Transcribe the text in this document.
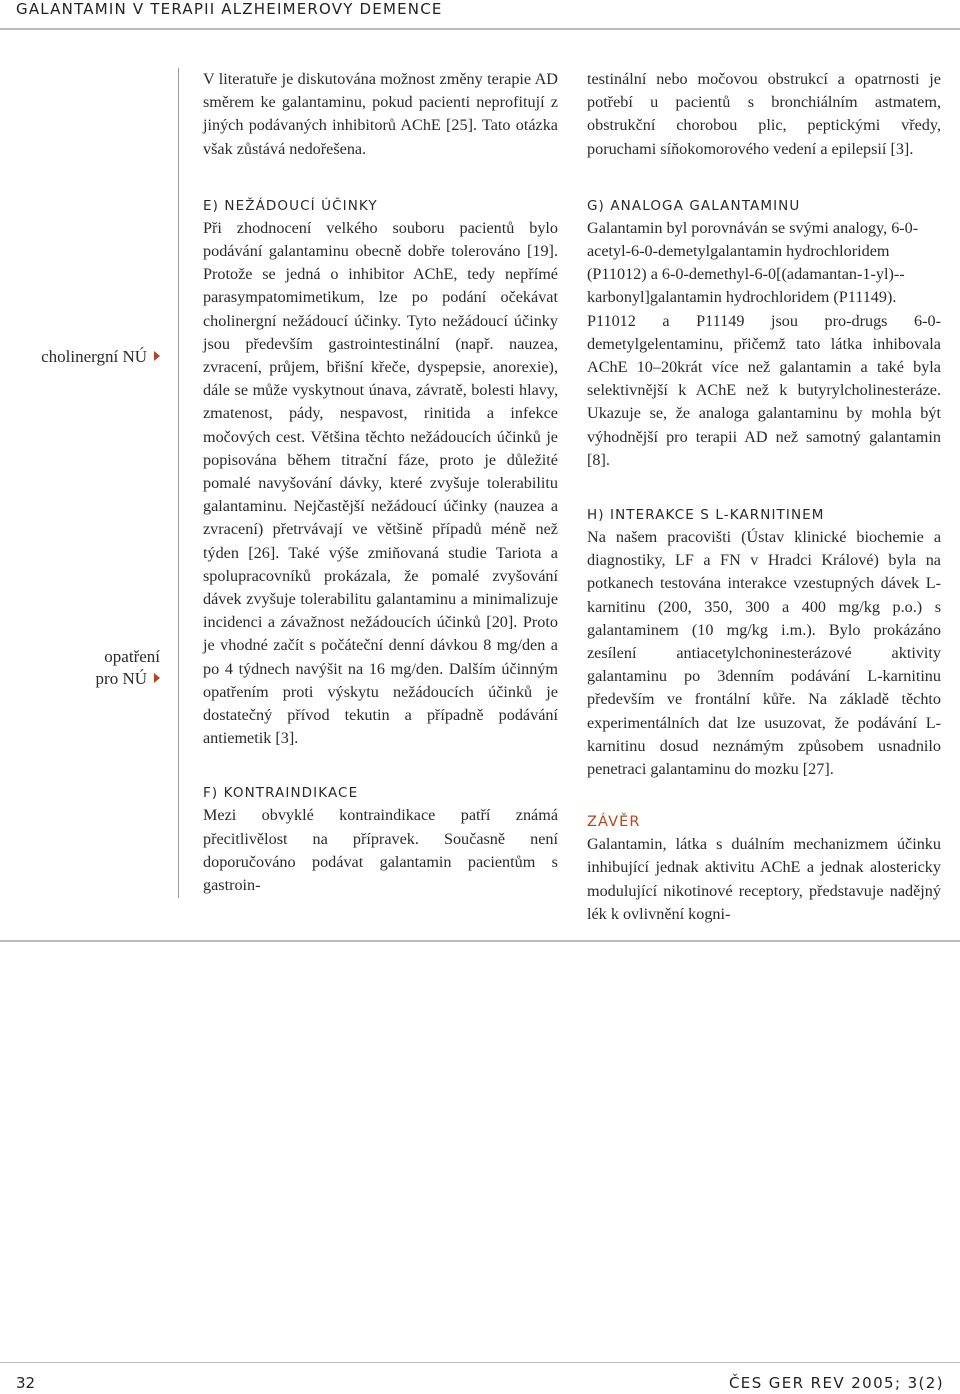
GALANTAMIN V TERAPII ALZHEIMEROVY DEMENCE
cholinergní NÚ
opatření
pro NÚ

V literatuře je diskutována možnost změny terapie AD směrem ke galantaminu, pokud pacienti neprofitují z jiných podávaných inhibitorů AChE [25]. Tato otázka však zůstává nedořešena.

E) NEŽÁDOUCÍ ÚČINKY

Při zhodnocení velkého souboru pacientů bylo podávání galantaminu obecně dobře tolerováno [19]. Protože se jedná o inhibitor AChE, tedy nepřímé parasympatomimetikum, lze po podání očekávat cholinergní nežádoucí účinky. Tyto nežádoucí účinky jsou především gastrointestinální (např. nauzea, zvracení, průjem, břišní křeče, dyspepsie, anorexie), dále se může vyskytnout únava, závratě, bolesti hlavy, zmatenost, pády, nespavost, rinitida a infekce močových cest. Většina těchto nežádoucích účinků je popisována během titrační fáze, proto je důležité pomalé navyšování dávky, které zvyšuje tolerabilitu galantaminu. Nejčastější nežádoucí účinky (nauzea a zvracení) přetrvávají ve většině případů méně než týden [26]. Také výše zmiňovaná studie Tariota a spolupracovníků prokázala, že pomalé zvyšování dávek zvyšuje tolerabilitu galantaminu a minimalizuje incidenci a závažnost nežádoucích účinků [20]. Proto je vhodné začít s počáteční denní dávkou 8 mg/den a po 4 týdnech navýšit na 16 mg/den. Dalším účinným opatřením proti výskytu nežádoucích účinků je dostatečný přívod tekutin a případně podávání antiemetik [3].

F) KONTRAINDIKACE

Mezi obvyklé kontraindikace patří známá přecitlivělost na přípravek. Současně není doporučováno podávat galantamin pacientům s gastroin-

testinální nebo močovou obstrukcí a opatrnosti je potřebí u pacientů s bronchiálním astmatem, obstrukční chorobou plic, peptickými vředy, poruchami síňokomorového vedení a epilepsií [3].

G) ANALOGA GALANTAMINU

Galantamin byl porovnáván se svými analogy, 6-0-acetyl-6-0-demetylgalantamin hydrochloridem (P11012) a 6-0-demethyl-6-0[(adamantan-1-yl)--karbonyl]galantamin hydrochloridem (P11149).

P11012 a P11149 jsou pro-drugs 6-0-demetylgelentaminu, přičemž tato látka inhibovala AChE 10–20krát více než galantamin a také byla selektivnější k AChE než k butyrylcholinesteráze. Ukazuje se, že analoga galantaminu by mohla být výhodnější pro terapii AD než samotný galantamin [8].

H) INTERAKCE S L-KARNITINEM

Na našem pracovišti (Ústav klinické biochemie a diagnostiky, LF a FN v Hradci Králové) byla na potkanech testována interakce vzestupných dávek L-karnitinu (200, 350, 300 a 400 mg/kg p.o.) s galantaminem (10 mg/kg i.m.). Bylo prokázáno zesílení antiacetylchoninesterázové aktivity galantaminu po 3denním podávání L-karnitinu především ve frontální kůře. Na základě těchto experimentálních dat lze usuzovat, že podávání L-karnitinu dosud neznámým způsobem usnadnilo penetraci galantaminu do mozku [27].

ZÁVĚR

Galantamin, látka s duálním mechanizmem účinku inhibující jednak aktivitu AChE a jednak alostericky modulující nikotinové receptory, představuje nadějný lék k ovlivnění kogni-

32	ČES GER REV 2005; 3(2)
